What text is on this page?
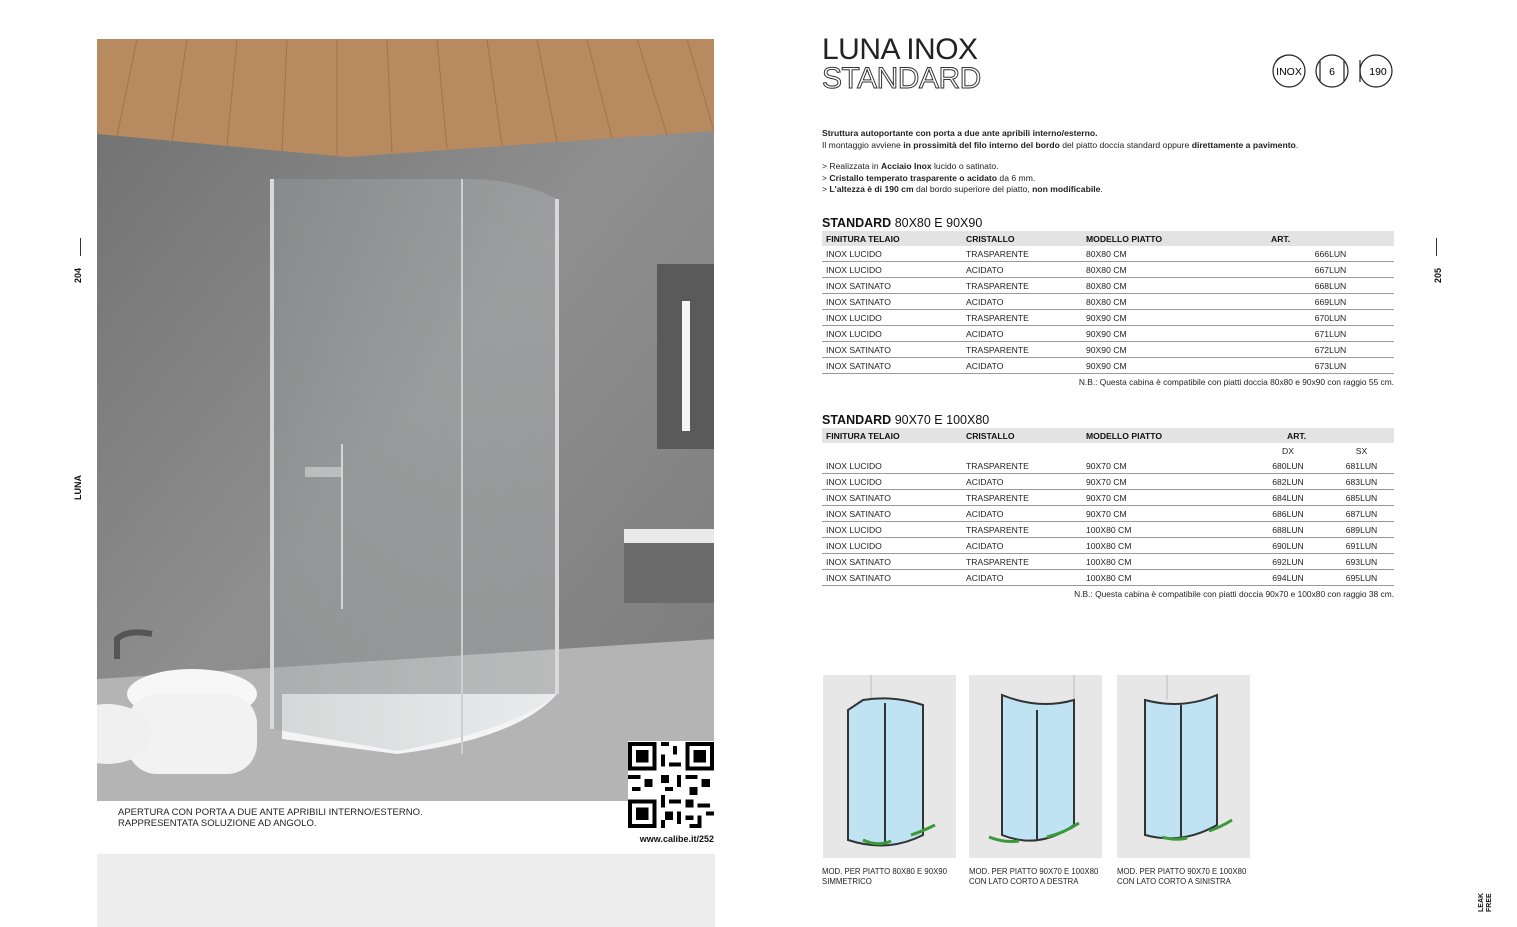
APERTURA CON PORTA A DUE ANTE APRIBILI INTERNO/ESTERNO.
RAPPRESENTATA SOLUZIONE AD ANGOLO.
www.calibe.it/252
204
LUNA
LUNA INOX
STANDARD	INOX	6	190

Struttura autoportante con porta a due ante apribili interno/esterno.

Il montaggio avviene in prossimità del filo interno del bordo del piatto doccia standard oppure direttamente a pavimento.

> Realizzata in Acciaio Inox lucido o satinato.

> Cristallo temperato trasparente o acidato da 6 mm.

> L'altezza è di 190 cm dal bordo superiore del piatto, non modificabile.

STANDARD 80X80 E 90X90
FINITURA TELAIO	CRISTALLO	MODELLO PIATTO	ART.
INOX LUCIDO	TRASPARENTE	80X80 CM	666LUN
INOX LUCIDO	ACIDATO	80X80 CM	667LUN
INOX SATINATO	TRASPARENTE	80X80 CM	668LUN
INOX SATINATO	ACIDATO	80X80 CM	669LUN
INOX LUCIDO	TRASPARENTE	90X90 CM	670LUN
INOX LUCIDO	ACIDATO	90X90 CM	671LUN
INOX SATINATO	TRASPARENTE	90X90 CM	672LUN
INOX SATINATO	ACIDATO	90X90 CM	673LUN
N.B.: Questa cabina è compatibile con piatti doccia 80x80 e 90x90 con raggio 55 cm.
STANDARD 90X70 E 100X80
FINITURA TELAIO	CRISTALLO	MODELLO PIATTO	ART.	
			DX	SX
INOX LUCIDO	TRASPARENTE	90X70 CM	680LUN	681LUN
INOX LUCIDO	ACIDATO	90X70 CM	682LUN	683LUN
INOX SATINATO	TRASPARENTE	90X70 CM	684LUN	685LUN
INOX SATINATO	ACIDATO	90X70 CM	686LUN	687LUN
INOX LUCIDO	TRASPARENTE	100X80 CM	688LUN	689LUN
INOX LUCIDO	ACIDATO	100X80 CM	690LUN	691LUN
INOX SATINATO	TRASPARENTE	100X80 CM	692LUN	693LUN
INOX SATINATO	ACIDATO	100X80 CM	694LUN	695LUN
N.B.: Questa cabina è compatibile con piatti doccia 90x70 e 100x80 con raggio 38 cm.
MOD. PER PIATTO 80X80 E 90X90
SIMMETRICO
MOD. PER PIATTO 90X70 E 100X80
CON LATO CORTO A DESTRA
MOD. PER PIATTO 90X70 E 100X80
CON LATO CORTO A SINISTRA
205
LEAK FREE
